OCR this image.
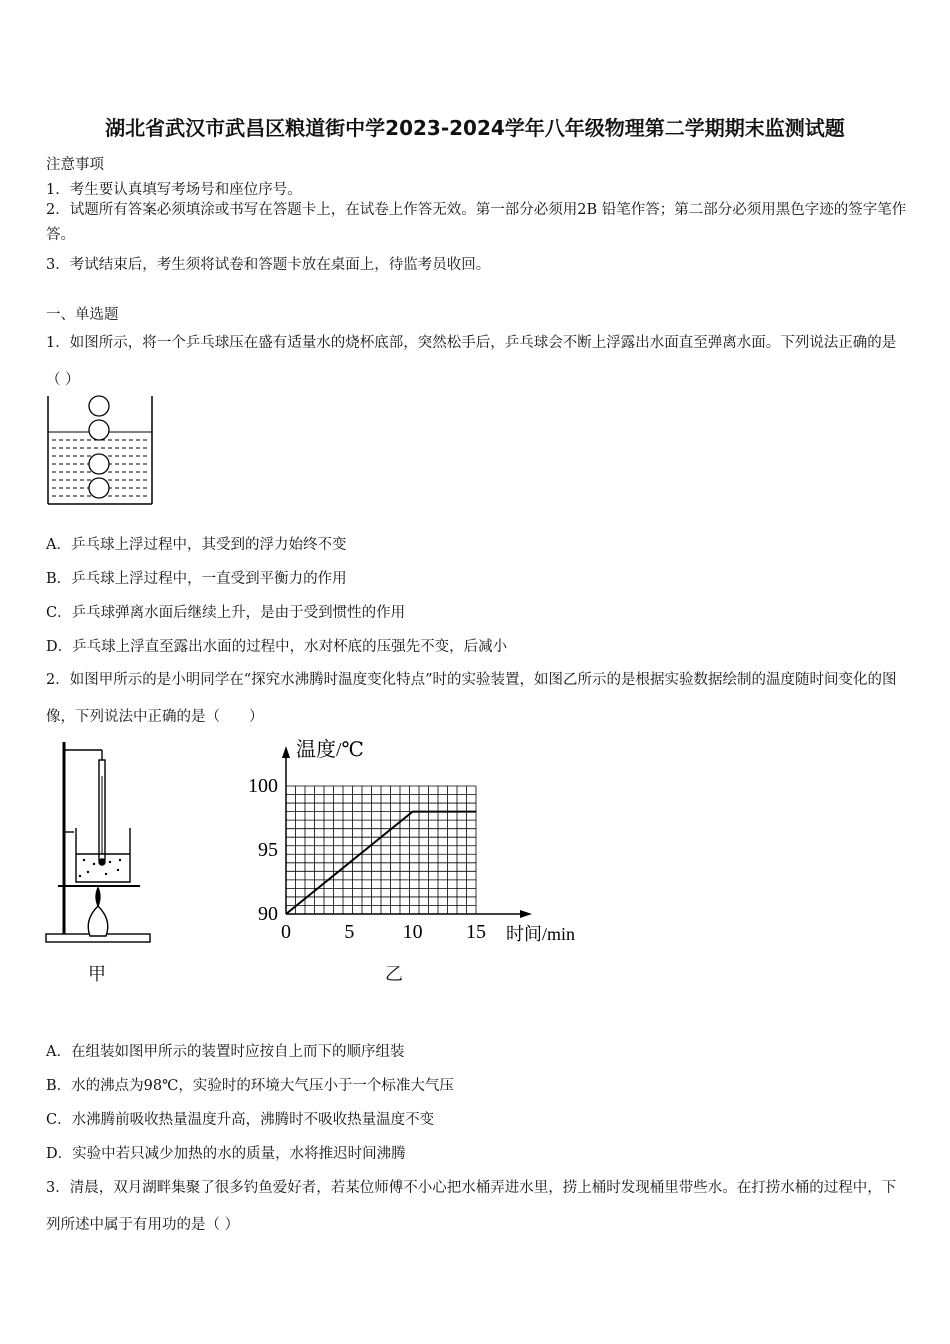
湖北省武汉市武昌区粮道街中学2023-2024学年八年级物理第二学期期末监测试题
注意事项
1．考生要认真填写考场号和座位序号。
2．试题所有答案必须填涂或书写在答题卡上，在试卷上作答无效。第一部分必须用2B 铅笔作答；第二部分必须用黑色字迹的签字笔作答。
3．考试结束后，考生须将试卷和答题卡放在桌面上，待监考员收回。
一、单选题
1．如图所示，将一个乒乓球压在盛有适量水的烧杯底部，突然松手后，乒乓球会不断上浮露出水面直至弹离水面。下列说法正确的是（ ）
A．乒乓球上浮过程中，其受到的浮力始终不变
B．乒乓球上浮过程中，一直受到平衡力的作用
C．乒乓球弹离水面后继续上升，是由于受到惯性的作用
D．乒乓球上浮直至露出水面的过程中，水对杯底的压强先不变，后减小
2．如图甲所示的是小明同学在“探究水沸腾时温度变化特点”时的实验装置，如图乙所示的是根据实验数据绘制的温度随时间变化的图像，下列说法中正确的是（　　）
甲
0	5 10 15
90
95
100
温度/℃
时间/min
乙
A．在组装如图甲所示的装置时应按自上而下的顺序组装
B．水的沸点为98℃，实验时的环境大气压小于一个标准大气压
C．水沸腾前吸收热量温度升高，沸腾时不吸收热量温度不变
D．实验中若只减少加热的水的质量，水将推迟时间沸腾
3．清晨，双月湖畔集聚了很多钓鱼爱好者，若某位师傅不小心把水桶弄进水里，捞上桶时发现桶里带些水。在打捞水桶的过程中，下列所述中属于有用功的是（ ）
